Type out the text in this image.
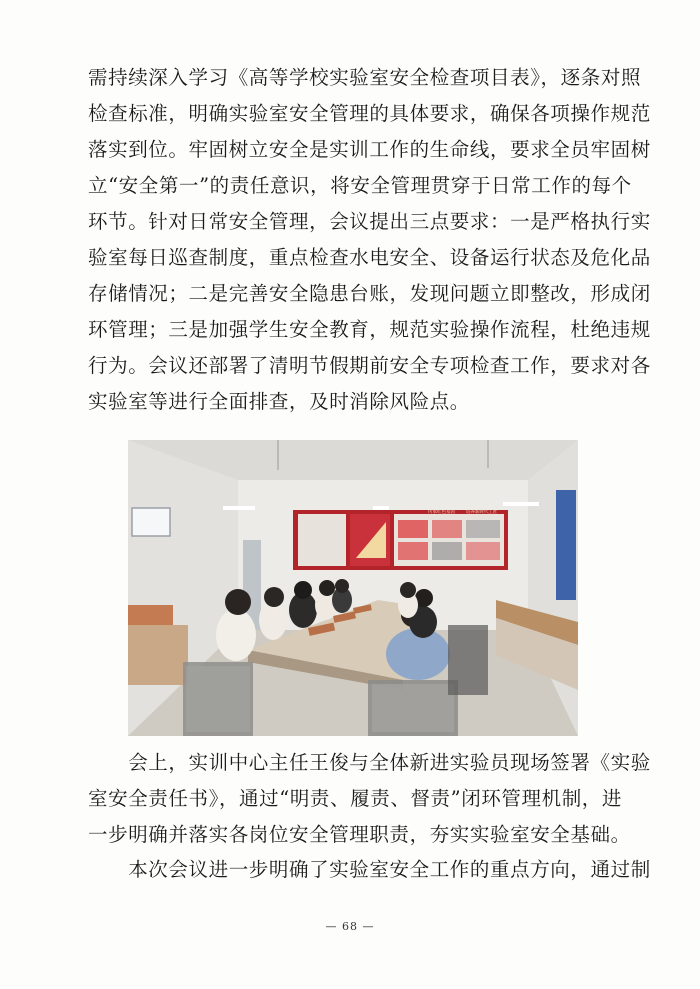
需持续深入学习《高等学校实验室安全检查项目表》，逐条对照
检查标准，明确实验室安全管理的具体要求，确保各项操作规范
落实到位。牢固树立安全是实训工作的生命线，要求全员牢固树
立“安全第一”的责任意识，将安全管理贯穿于日常工作的每个
环节。针对日常安全管理，会议提出三点要求：一是严格执行实
验室每日巡查制度，重点检查水电安全、设备运行状态及危化品
存储情况；二是完善安全隐患台账，发现问题立即整改，形成闭
环管理；三是加强学生安全教育，规范实验操作流程，杜绝违规
行为。会议还部署了清明节假期前安全专项检查工作，要求对各
实验室等进行全面排查，及时消除风险点。
传承红色基因 培养新时代工匠
　　会上，实训中心主任王俊与全体新进实验员现场签署《实验
室安全责任书》，通过“明责、履责、督责”闭环管理机制，进
一步明确并落实各岗位安全管理职责，夯实实验室安全基础。
　　本次会议进一步明确了实验室安全工作的重点方向，通过制
— 68 —
